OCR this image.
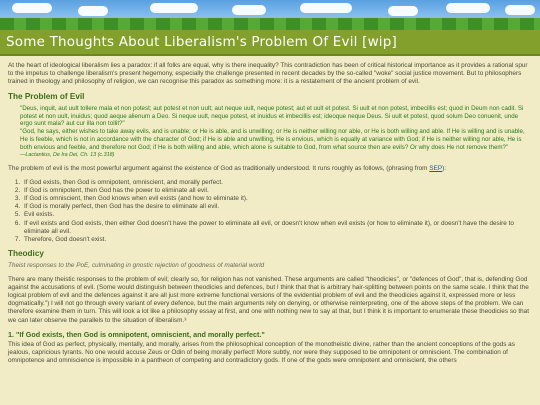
Some Thoughts About Liberalism's Problem Of Evil [wip]

At the heart of ideological liberalism lies a paradox: if all folks are equal, why is there inequality? This contradiction has been of critical historical importance as it provides a rational spur to the impetus to challenge liberalism's present hegemony, especially the challenge presented in recent decades by the so-called "woke" social justice movement. But to philosophers trained in theology and philosophy of religion, we can recognise this paradox as something more: it is a restatement of the ancient problem of evil.

The Problem of Evil
"Deus, inquit, aut uult tollere mala et non potest; aut potest et non uult; aut neque uult, neque potest; aut et uult et potest. Si uult et non potest, imbecillis est; quod in Deum non cadit. Si potest et non uult, inuidus; quod aeque alienum a Deo. Si neque uult, neque potest, et inuidus et imbecillis est; ideoque neque Deus. Si uult et potest, quod solum Deo conuenit, unde ergo sunt mala? aut cur illa non tollit?"
"God, he says, either wishes to take away evils, and is unable; or He is able, and is unwilling; or He is neither willing nor able, or He is both willing and able. If He is willing and is unable, He is feeble, which is not in accordance with the character of God; if He is able and unwilling, He is envious, which is equally at variance with God; if He is neither willing nor able, He is both envious and feeble, and therefore not God; if He is both willing and able, which alone is suitable to God, from what source then are evils? Or why does He not remove them?"
—Lactantius, De Ira Dei, Ch. 13 (c.318)

The problem of evil is the most powerful argument against the existence of God as traditionally understood. It runs roughly as follows, (phrasing from SEP):

1. If God exists, then God is omnipotent, omniscient, and morally perfect.
2. If God is omnipotent, then God has the power to eliminate all evil.
3. If God is omniscient, then God knows when evil exists (and how to eliminate it).
4. If God is morally perfect, then God has the desire to eliminate all evil.
5. Evil exists.
6. If evil exists and God exists, then either God doesn't have the power to eliminate all evil, or doesn't know when evil exists (or how to eliminate it), or doesn't have the desire to eliminate all evil.
7. Therefore, God doesn't exist.
Theodicy

Theist responses to the PoE, culminating in gnostic rejection of goodness of material world

There are many theistic responses to the problem of evil; clearly so, for religion has not vanished. These arguments are called "theodicies", or "defences of God", that is, defending God against the accusations of evil. (Some would distinguish between theodicies and defences, but I think that that is arbitrary hair-splitting between points on the same scale. I think that the logical problem of evil and the defences against it are all just more extreme functional versions of the evidential problem of evil and the theodicies against it, expressed more or less dogmatically.") I will not go through every variant of every defence, but the main arguments rely on denying, or otherwise reinterpreting, one of the above steps of the problem. We can therefore examine them in turn. This will look a lot like a philosophy essay at first, and one with nothing new to say at that, but I think it is important to enumerate these theodicies so that we can later observe the parallels to the situation of liberalism.³

1. "If God exists, then God is omnipotent, omniscient, and morally perfect."

This idea of God as perfect, physically, mentally, and morally, arises from the philosophical conception of the monotheistic divine, rather than the ancient conceptions of the gods as jealous, capricious tyrants. No one would accuse Zeus or Odin of being morally perfect! More subtly, nor were they supposed to be omnipotent or omniscient. The combination of omnipotence and omniscience is impossible in a pantheon of competing and contradictory gods. If one of the gods were omnipotent and omniscient, the others
